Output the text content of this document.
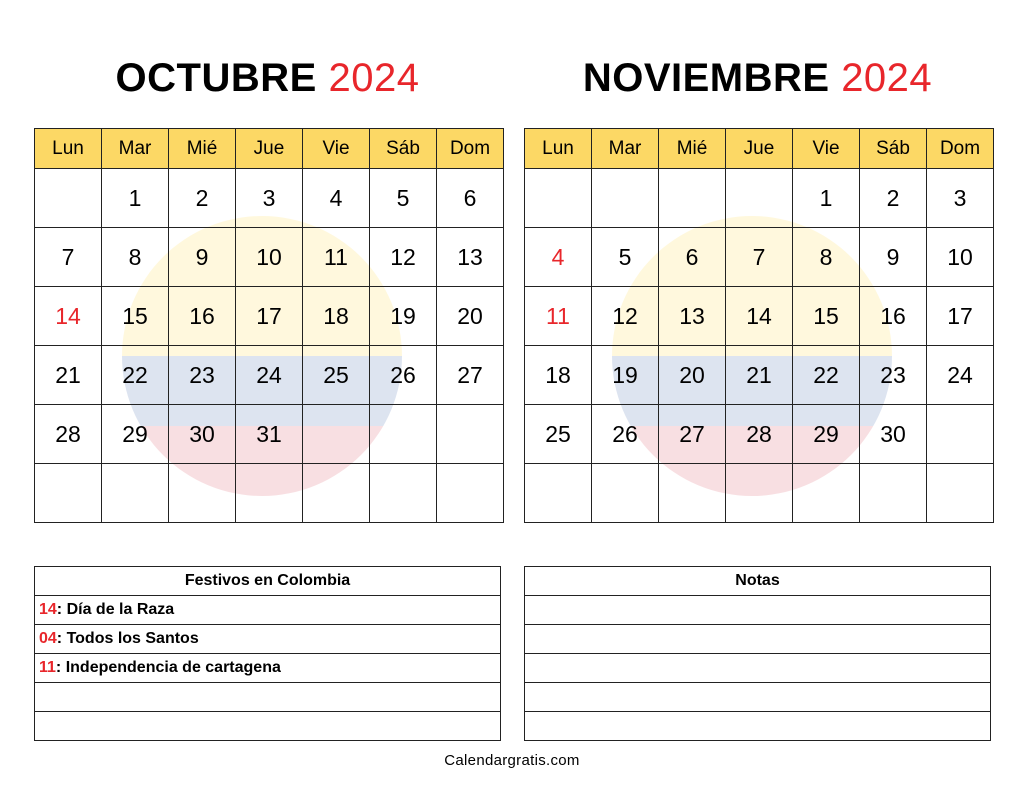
OCTUBRE 2024
Lun	Mar	Mié	Jue	Vie	Sáb	Dom
	1	2	3	4	5	6
7	8	9	10	11	12	13
14	15	16	17	18	19	20
21	22	23	24	25	26	27
28	29	30	31			

NOVIEMBRE 2024
Lun	Mar	Mié	Jue	Vie	Sáb	Dom
				1	2	3
4	5	6	7	8	9	10
11	12	13	14	15	16	17
18	19	20	21	22	23	24
25	26	27	28	29	30	

Festivos en Colombia
14: Día de la Raza
04: Todos los Santos
11: Independencia de cartagena

Notas

Calendargratis.com
